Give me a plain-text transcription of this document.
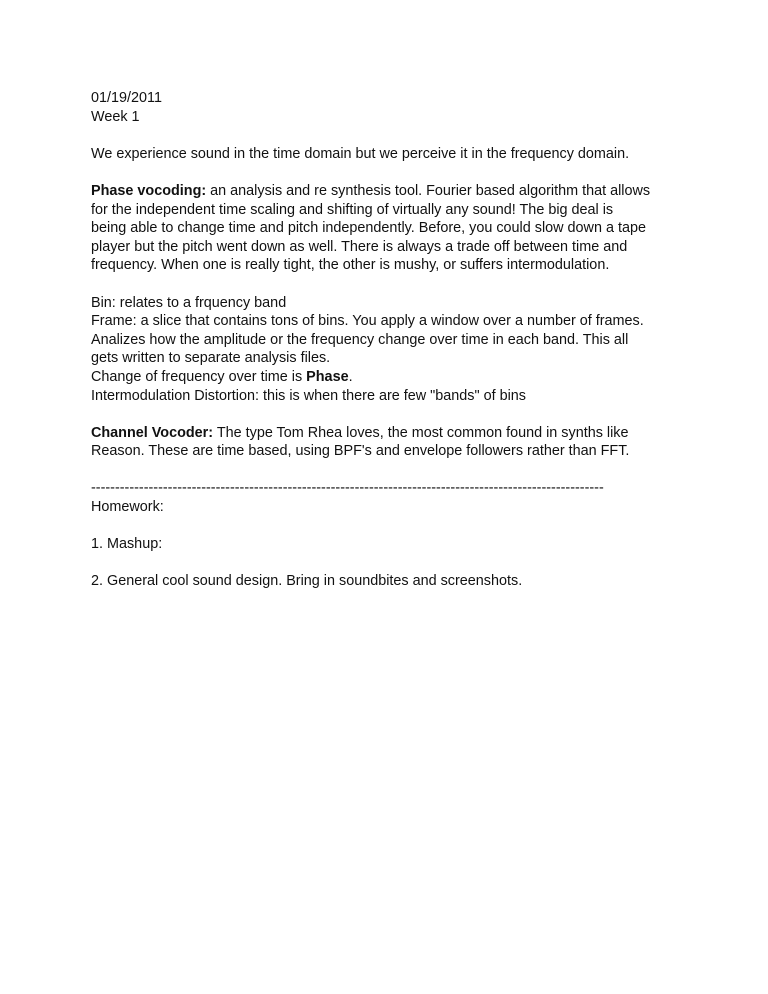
01/19/2011

Week 1

We experience sound in the time domain but we perceive it in the frequency domain.

Phase vocoding: an analysis and re synthesis tool. Fourier based algorithm that allows

for the independent time scaling and shifting of virtually any sound! The big deal is

being able to change time and pitch independently. Before, you could slow down a tape

player but the pitch went down as well. There is always a trade off between time and

frequency. When one is really tight, the other is mushy, or suffers intermodulation.

Bin: relates to a frquency band

Frame: a slice that contains tons of bins. You apply a window over a number of frames.

Analizes how the amplitude or the frequency change over time in each band. This all

gets written to separate analysis files.

Change of frequency over time is Phase.

Intermodulation Distortion: this is when there are few "bands" of bins

Channel Vocoder: The type Tom Rhea loves, the most common found in synths like

Reason. These are time based, using BPF's and envelope followers rather than FFT.

-----------------------------------------------------------------------------------------------------------

Homework:

1. Mashup:

2. General cool sound design. Bring in soundbites and screenshots.
